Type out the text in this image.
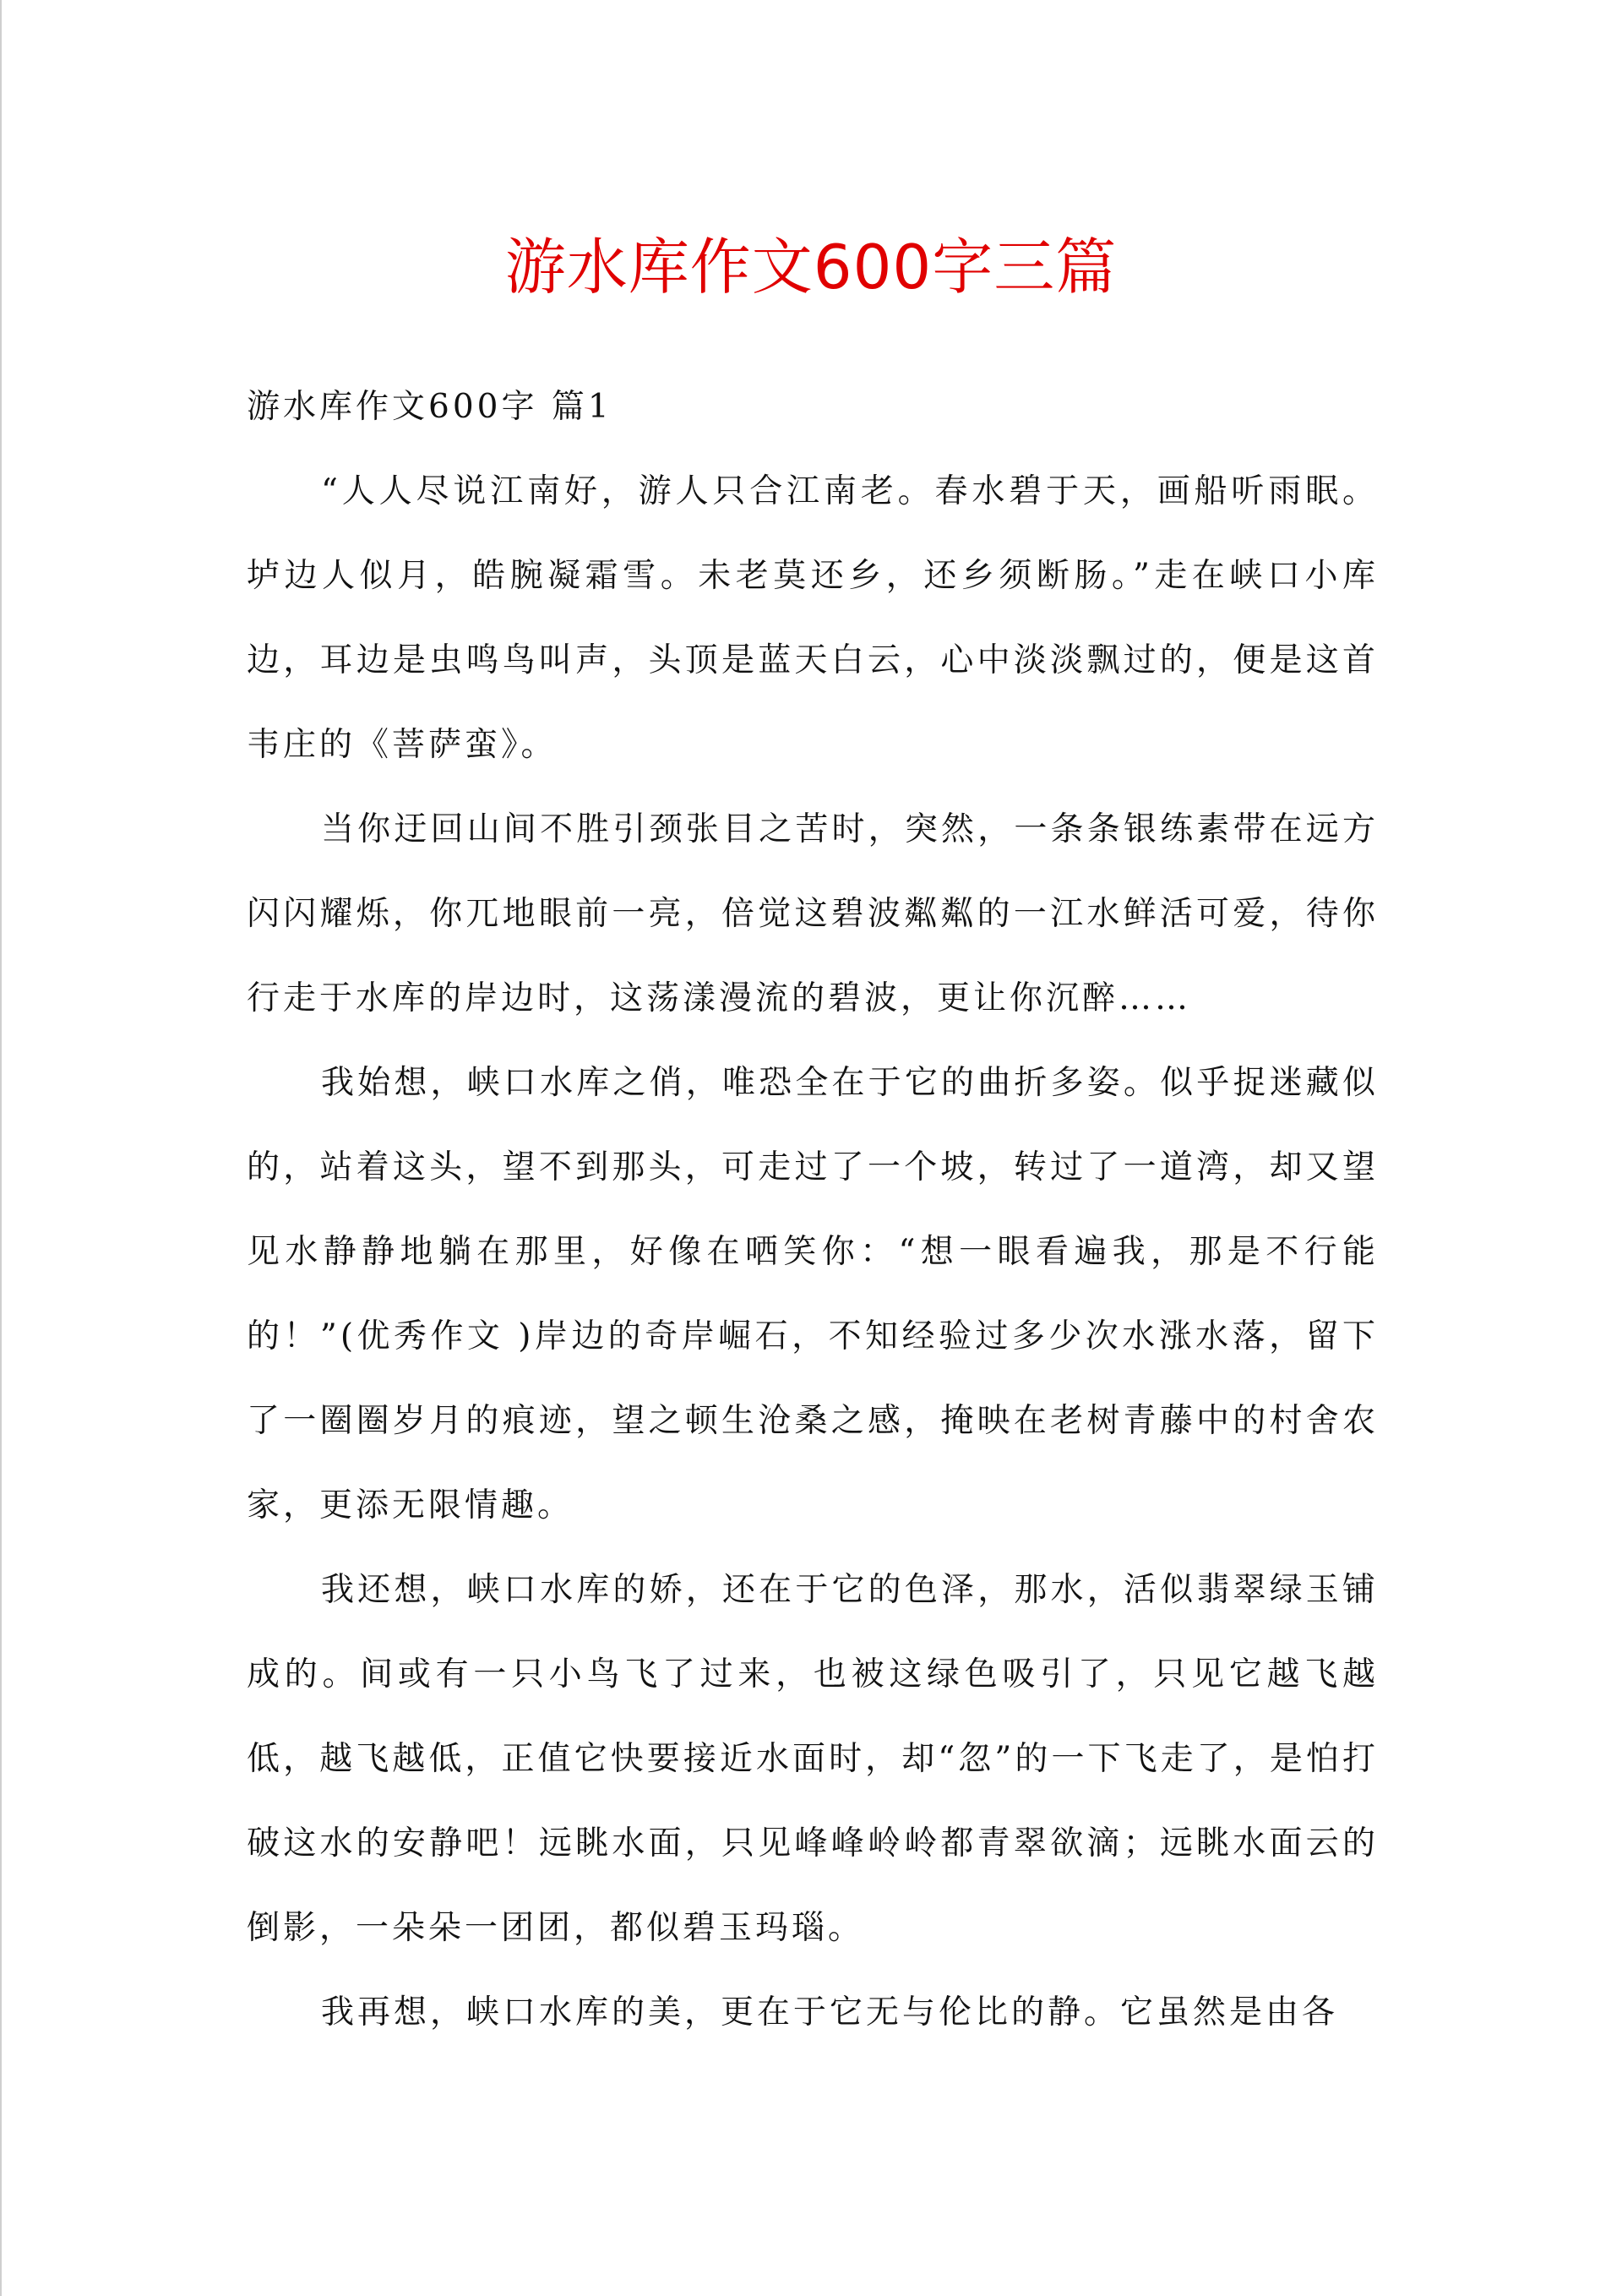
游水库作文600字三篇

游水库作文600字 篇1

“人人尽说江南好，游人只合江南老。春水碧于天，画船听雨眠。垆边人似月，皓腕凝霜雪。未老莫还乡，还乡须断肠。”走在峡口小库边，耳边是虫鸣鸟叫声，头顶是蓝天白云，心中淡淡飘过的，便是这首韦庄的《菩萨蛮》。

当你迂回山间不胜引颈张目之苦时，突然，一条条银练素带在远方闪闪耀烁，你兀地眼前一亮，倍觉这碧波粼粼的一江水鲜活可爱，待你行走于水库的岸边时，这荡漾漫流的碧波，更让你沉醉……

我始想，峡口水库之俏，唯恐全在于它的曲折多姿。似乎捉迷藏似的，站着这头，望不到那头，可走过了一个坡，转过了一道湾，却又望见水静静地躺在那里，好像在哂笑你：“想一眼看遍我，那是不行能的！”(优秀作文 )岸边的奇岸崛石，不知经验过多少次水涨水落，留下了一圈圈岁月的痕迹，望之顿生沧桑之感，掩映在老树青藤中的村舍农家，更添无限情趣。

我还想，峡口水库的娇，还在于它的色泽，那水，活似翡翠绿玉铺成的。间或有一只小鸟飞了过来，也被这绿色吸引了，只见它越飞越低，越飞越低，正值它快要接近水面时，却“忽”的一下飞走了，是怕打破这水的安静吧！远眺水面，只见峰峰岭岭都青翠欲滴；远眺水面云的倒影，一朵朵一团团，都似碧玉玛瑙。

我再想，峡口水库的美，更在于它无与伦比的静。它虽然是由各
